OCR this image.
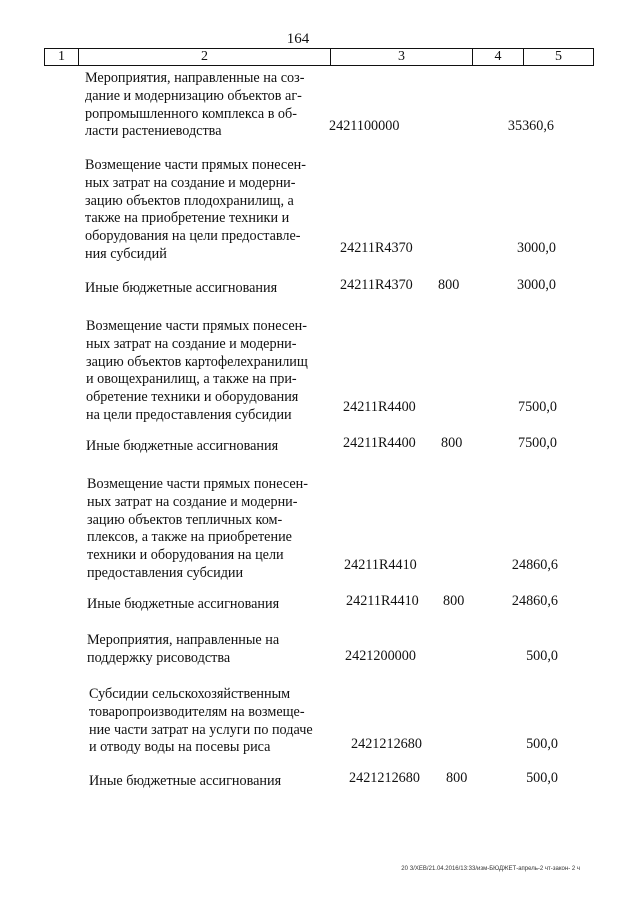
164
1	2	3	4	5
Мероприятия, направленные на соз-
дание и модернизацию объектов аг-
ропромышленного комплекса в об-
ласти растениеводства	2421100000	35360,6
Возмещение части прямых понесен-
ных затрат на создание и модерни-
зацию объектов плодохранилищ, а
также на приобретение техники и
оборудования на цели предоставле-
ния субсидий	24211R4370	3000,0
Иные бюджетные ассигнования	24211R4370 800	3000,0
Возмещение части прямых понесен-
ных затрат на создание и модерни-
зацию объектов картофелехранилищ
и овощехранилищ, а также на при-
обретение техники и оборудования
на цели предоставления субсидии	24211R4400	7500,0
Иные бюджетные ассигнования	24211R4400 800	7500,0
Возмещение части прямых понесен-
ных затрат на создание и модерни-
зацию объектов тепличных ком-
плексов, а также на приобретение
техники и оборудования на цели
предоставления субсидии	24211R4410	24860,6
Иные бюджетные ассигнования	24211R4410 800	24860,6
Мероприятия, направленные на
поддержку рисоводства	2421200000	500,0
Субсидии сельскохозяйственным
товаропроизводителям на возмеще-
ние части затрат на услуги по подаче
и отводу воды на посевы риса	2421212680	500,0
Иные бюджетные ассигнования	2421212680 800	500,0
20 З/ХЕВ/21.04.2016/13:33/изм-БЮДЖЕТ-апрель-2 чт-закон- 2 ч
